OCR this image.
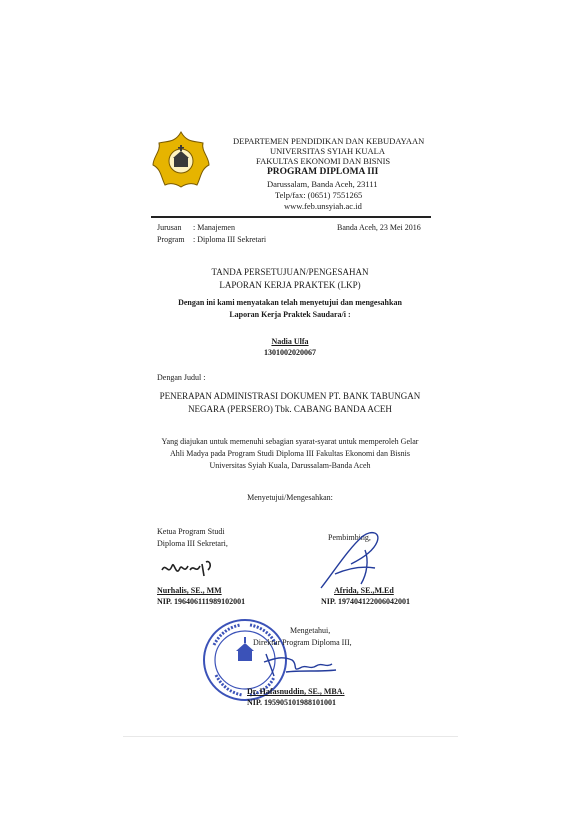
DEPARTEMEN PENDIDIKAN DAN KEBUDAYAAN
UNIVERSITAS SYIAH KUALA
FAKULTAS EKONOMI DAN BISNIS
PROGRAM DIPLOMA III
Darussalam, Banda Aceh, 23111
Telp/fax: (0651) 7551265
www.feb.unsyiah.ac.id
Jurusan : Manajemen
Program : Diploma III Sekretari
Banda Aceh, 23 Mei 2016
TANDA PERSETUJUAN/PENGESAHAN
LAPORAN KERJA PRAKTEK (LKP)
Dengan ini kami menyatakan telah menyetujui dan mengesahkan
Laporan Kerja Praktek Saudara/i :
Nadia Ulfa
1301002020067
Dengan Judul :
PENERAPAN ADMINISTRASI DOKUMEN PT. BANK TABUNGAN
NEGARA (PERSERO) Tbk. CABANG BANDA ACEH
Yang diajukan untuk memenuhi sebagian syarat-syarat untuk memperoleh Gelar
Ahli Madya pada Program Studi Diploma III Fakultas Ekonomi dan Bisnis
Universitas Syiah Kuala, Darussalam-Banda Aceh
Menyetujui/Mengesahkan:
Ketua Program Studi
Diploma III Sekretari,
Nurhalis, SE., MM
NIP. 196406111989102001
Pembimbing,
Afrida, SE.,M.Ed
NIP. 197404122006042001
Mengetahui,
Direktur Program Diploma III,
Dr. Hafasnuddin, SE., MBA.
NIP. 195905101988101001
